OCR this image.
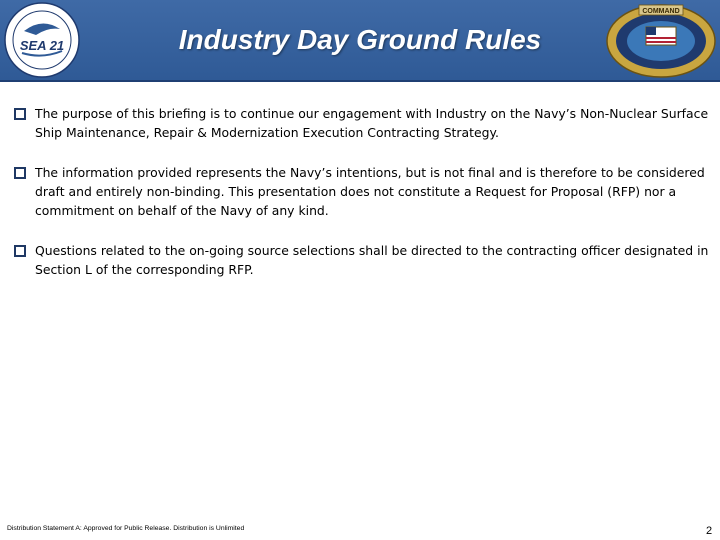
SEA 21	Industry Day Ground Rules
COMMAND
The purpose of this briefing is to continue our engagement with Industry on the Navy’s Non-Nuclear Surface Ship Maintenance, Repair & Modernization Execution Contracting Strategy.
The information provided represents the Navy’s intentions, but is not final and is therefore to be considered draft and entirely non-binding. This presentation does not constitute a Request for Proposal (RFP) nor a commitment on behalf of the Navy of any kind.
Questions related to the on-going source selections shall be directed to the contracting officer designated in Section L of the corresponding RFP.
Distribution Statement A: Approved for Public Release. Distribution is Unlimited	2
